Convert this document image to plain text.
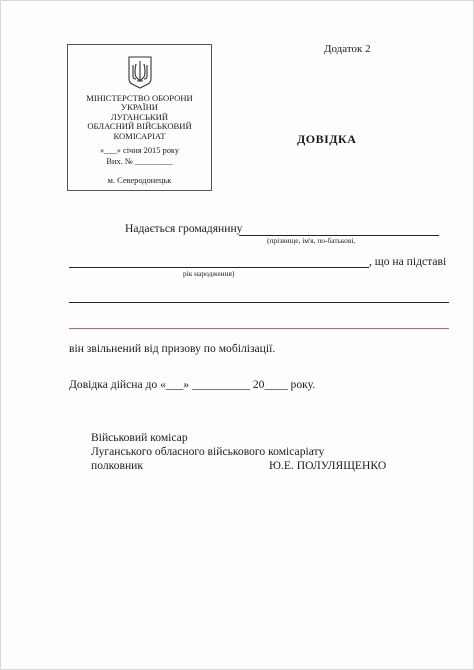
МІНІСТЕРСТВО ОБОРОНИ
УКРАЇНИ
ЛУГАНСЬКИЙ
ОБЛАСНИЙ ВІЙСЬКОВИЙ
КОМІСАРІАТ
«___» січня 2015 року
Вих. № _________
м. Северодонецьк
Додаток 2
ДОВІДКА
Надається громадянину
(прізвище, ім'я, по-батькові,
, що на підставі
рік народження)
він звільнений від призову по мобілізації.
Довідка дійсна до «___» __________ 20____ року.
Військовий комісар
Луганського обласного військового комісаріату
полковник	Ю.Е. ПОЛУЛЯЩЕНКО
